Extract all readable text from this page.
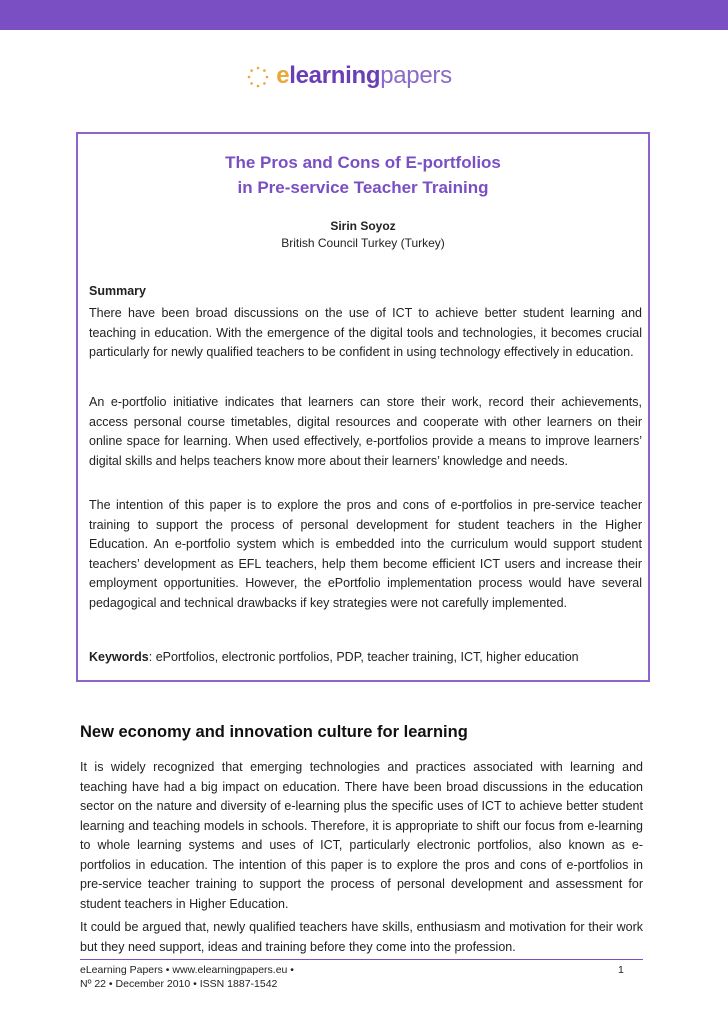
elearningpapers
The Pros and Cons of E-portfolios
in Pre-service Teacher Training
Sirin Soyoz
British Council Turkey (Turkey)
Summary

There have been broad discussions on the use of ICT to achieve better student learning and teaching in education. With the emergence of the digital tools and technologies, it becomes crucial particularly for newly qualified teachers to be confident in using technology effectively in education.

An e-portfolio initiative indicates that learners can store their work, record their achievements, access personal course timetables, digital resources and cooperate with other learners on their online space for learning. When used effectively, e-portfolios provide a means to improve learners’ digital skills and helps teachers know more about their learners’ knowledge and needs.

The intention of this paper is to explore the pros and cons of e-portfolios in pre-service teacher training to support the process of personal development for student teachers in the Higher Education. An e-portfolio system which is embedded into the curriculum would support student teachers’ development as EFL teachers, help them become efficient ICT users and increase their employment opportunities. However, the ePortfolio implementation process would have several pedagogical and technical drawbacks if key strategies were not carefully implemented.

Keywords: ePortfolios, electronic portfolios, PDP, teacher training, ICT, higher education
New economy and innovation culture for learning

It is widely recognized that emerging technologies and practices associated with learning and teaching have had a big impact on education. There have been broad discussions in the education sector on the nature and diversity of e-learning plus the specific uses of ICT to achieve better student learning and teaching models in schools. Therefore, it is appropriate to shift our focus from e-learning to whole learning systems and uses of ICT, particularly electronic portfolios, also known as e-portfolios in education. The intention of this paper is to explore the pros and cons of e-portfolios in pre-service teacher training to support the process of personal development and assessment for student teachers in Higher Education.

It could be argued that, newly qualified teachers have skills, enthusiasm and motivation for their work but they need support, ideas and training before they come into the profession.

eLearning Papers • www.elearningpapers.eu •
Nº 22 • December 2010 • ISSN 1887-1542
1
